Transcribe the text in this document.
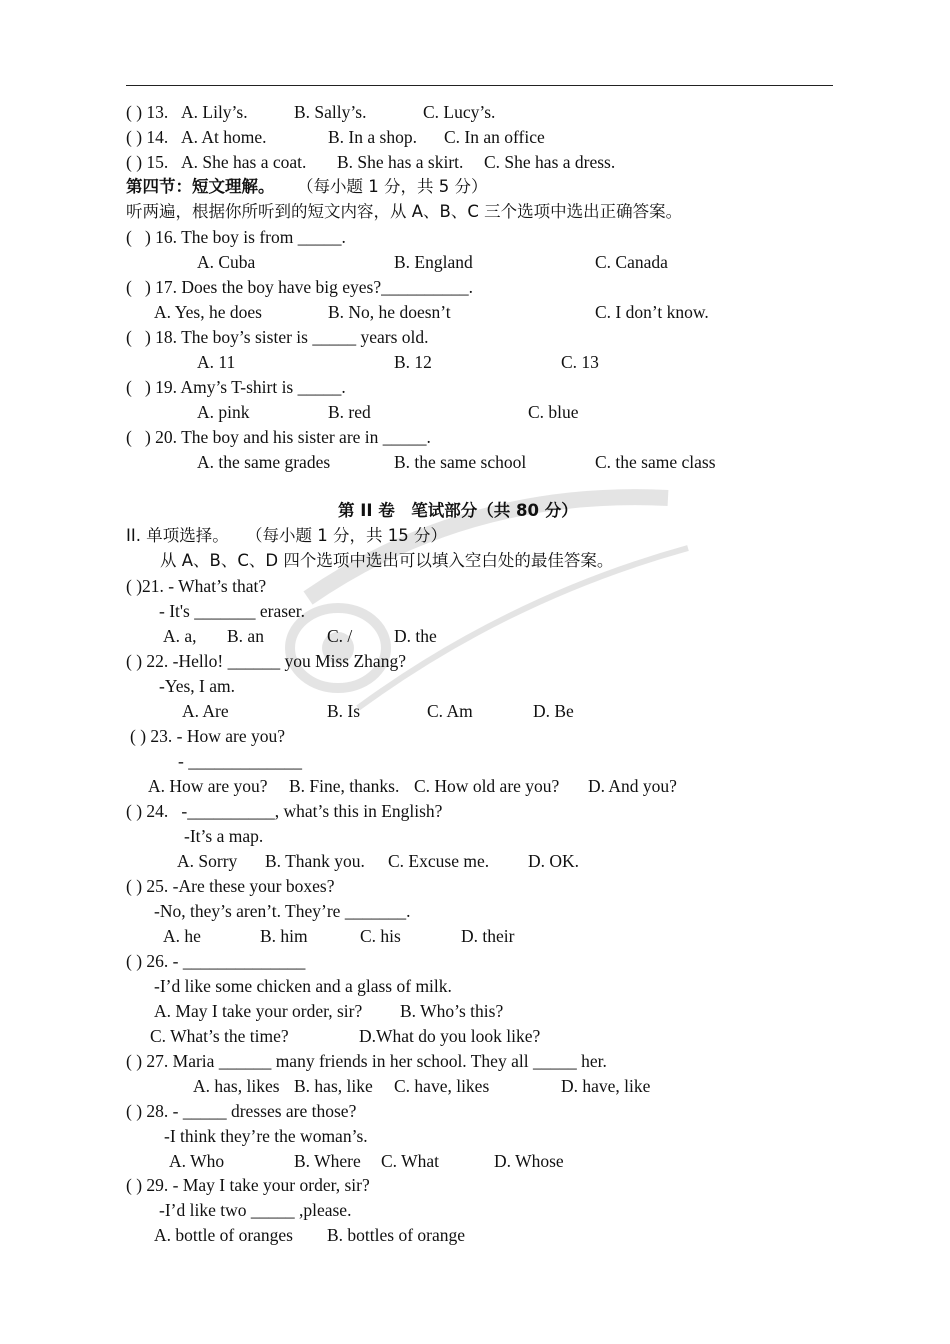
( ) 13. A. Lily’s.	B. Sally’s.	C. Lucy’s.
( ) 14. A. At home.	B. In a shop. C. In an office
( ) 15. A. She has a coat. B. She has a skirt. C. She has a dress.
第四节：短文理解。 （每小题 1 分，共 5 分）
听两遍，根据你所听到的短文内容，从 A、B、C 三个选项中选出正确答案。
(   ) 16. The boy is from _____.
A. Cuba	B. England	C. Canada
(   ) 17. Does the boy have big eyes?__________.
A. Yes, he does	B. No, he doesn’t	C. I don’t know.
(   ) 18. The boy’s sister is _____ years old.
A. 11	B. 12	C. 13
(   ) 19. Amy’s T-shirt is _____.
A. pink	B. red	C. blue
(   ) 20. The boy and his sister are in _____.
A. the same grades	B. the same school	C. the same class
第 II 卷　笔试部分（共 80 分）
II. 单项选择。 （每小题 1 分，共 15 分）
从 A、B、C、D 四个选项中选出可以填入空白处的最佳答案。
( )21. - What’s that?
- It's _______ eraser.
A. a, B. an	C. / D. the
( ) 22. -Hello! ______ you Miss Zhang?
-Yes, I am.
A. Are	B. Is	C. Am	D. Be
( ) 23. - How are you?
- _____________
A. How are you? B. Fine, thanks. C. How old are you? D. And you?
( ) 24.   -__________, what’s this in English?
-It’s a map.
A. Sorry B. Thank you. C. Excuse me. D. OK.
( ) 25. -Are these your boxes?
-No, they’s aren’t. They’re _______.
A. he	B. him	C. his	D. their
( ) 26. - ______________
-I’d like some chicken and a glass of milk.
A. May I take your order, sir? B. Who’s this?
C. What’s the time?	D.What do you look like?
( ) 27. Maria ______ many friends in her school. They all _____ her.
A. has, likes B. has, like C. have, likes	D. have, like
( ) 28. - _____ dresses are those?
-I think they’re the woman’s.
A. Who	B. Where C. What	D. Whose
( ) 29. - May I take your order, sir?
-I’d like two _____ ,please.
A. bottle of oranges B. bottles of orange
